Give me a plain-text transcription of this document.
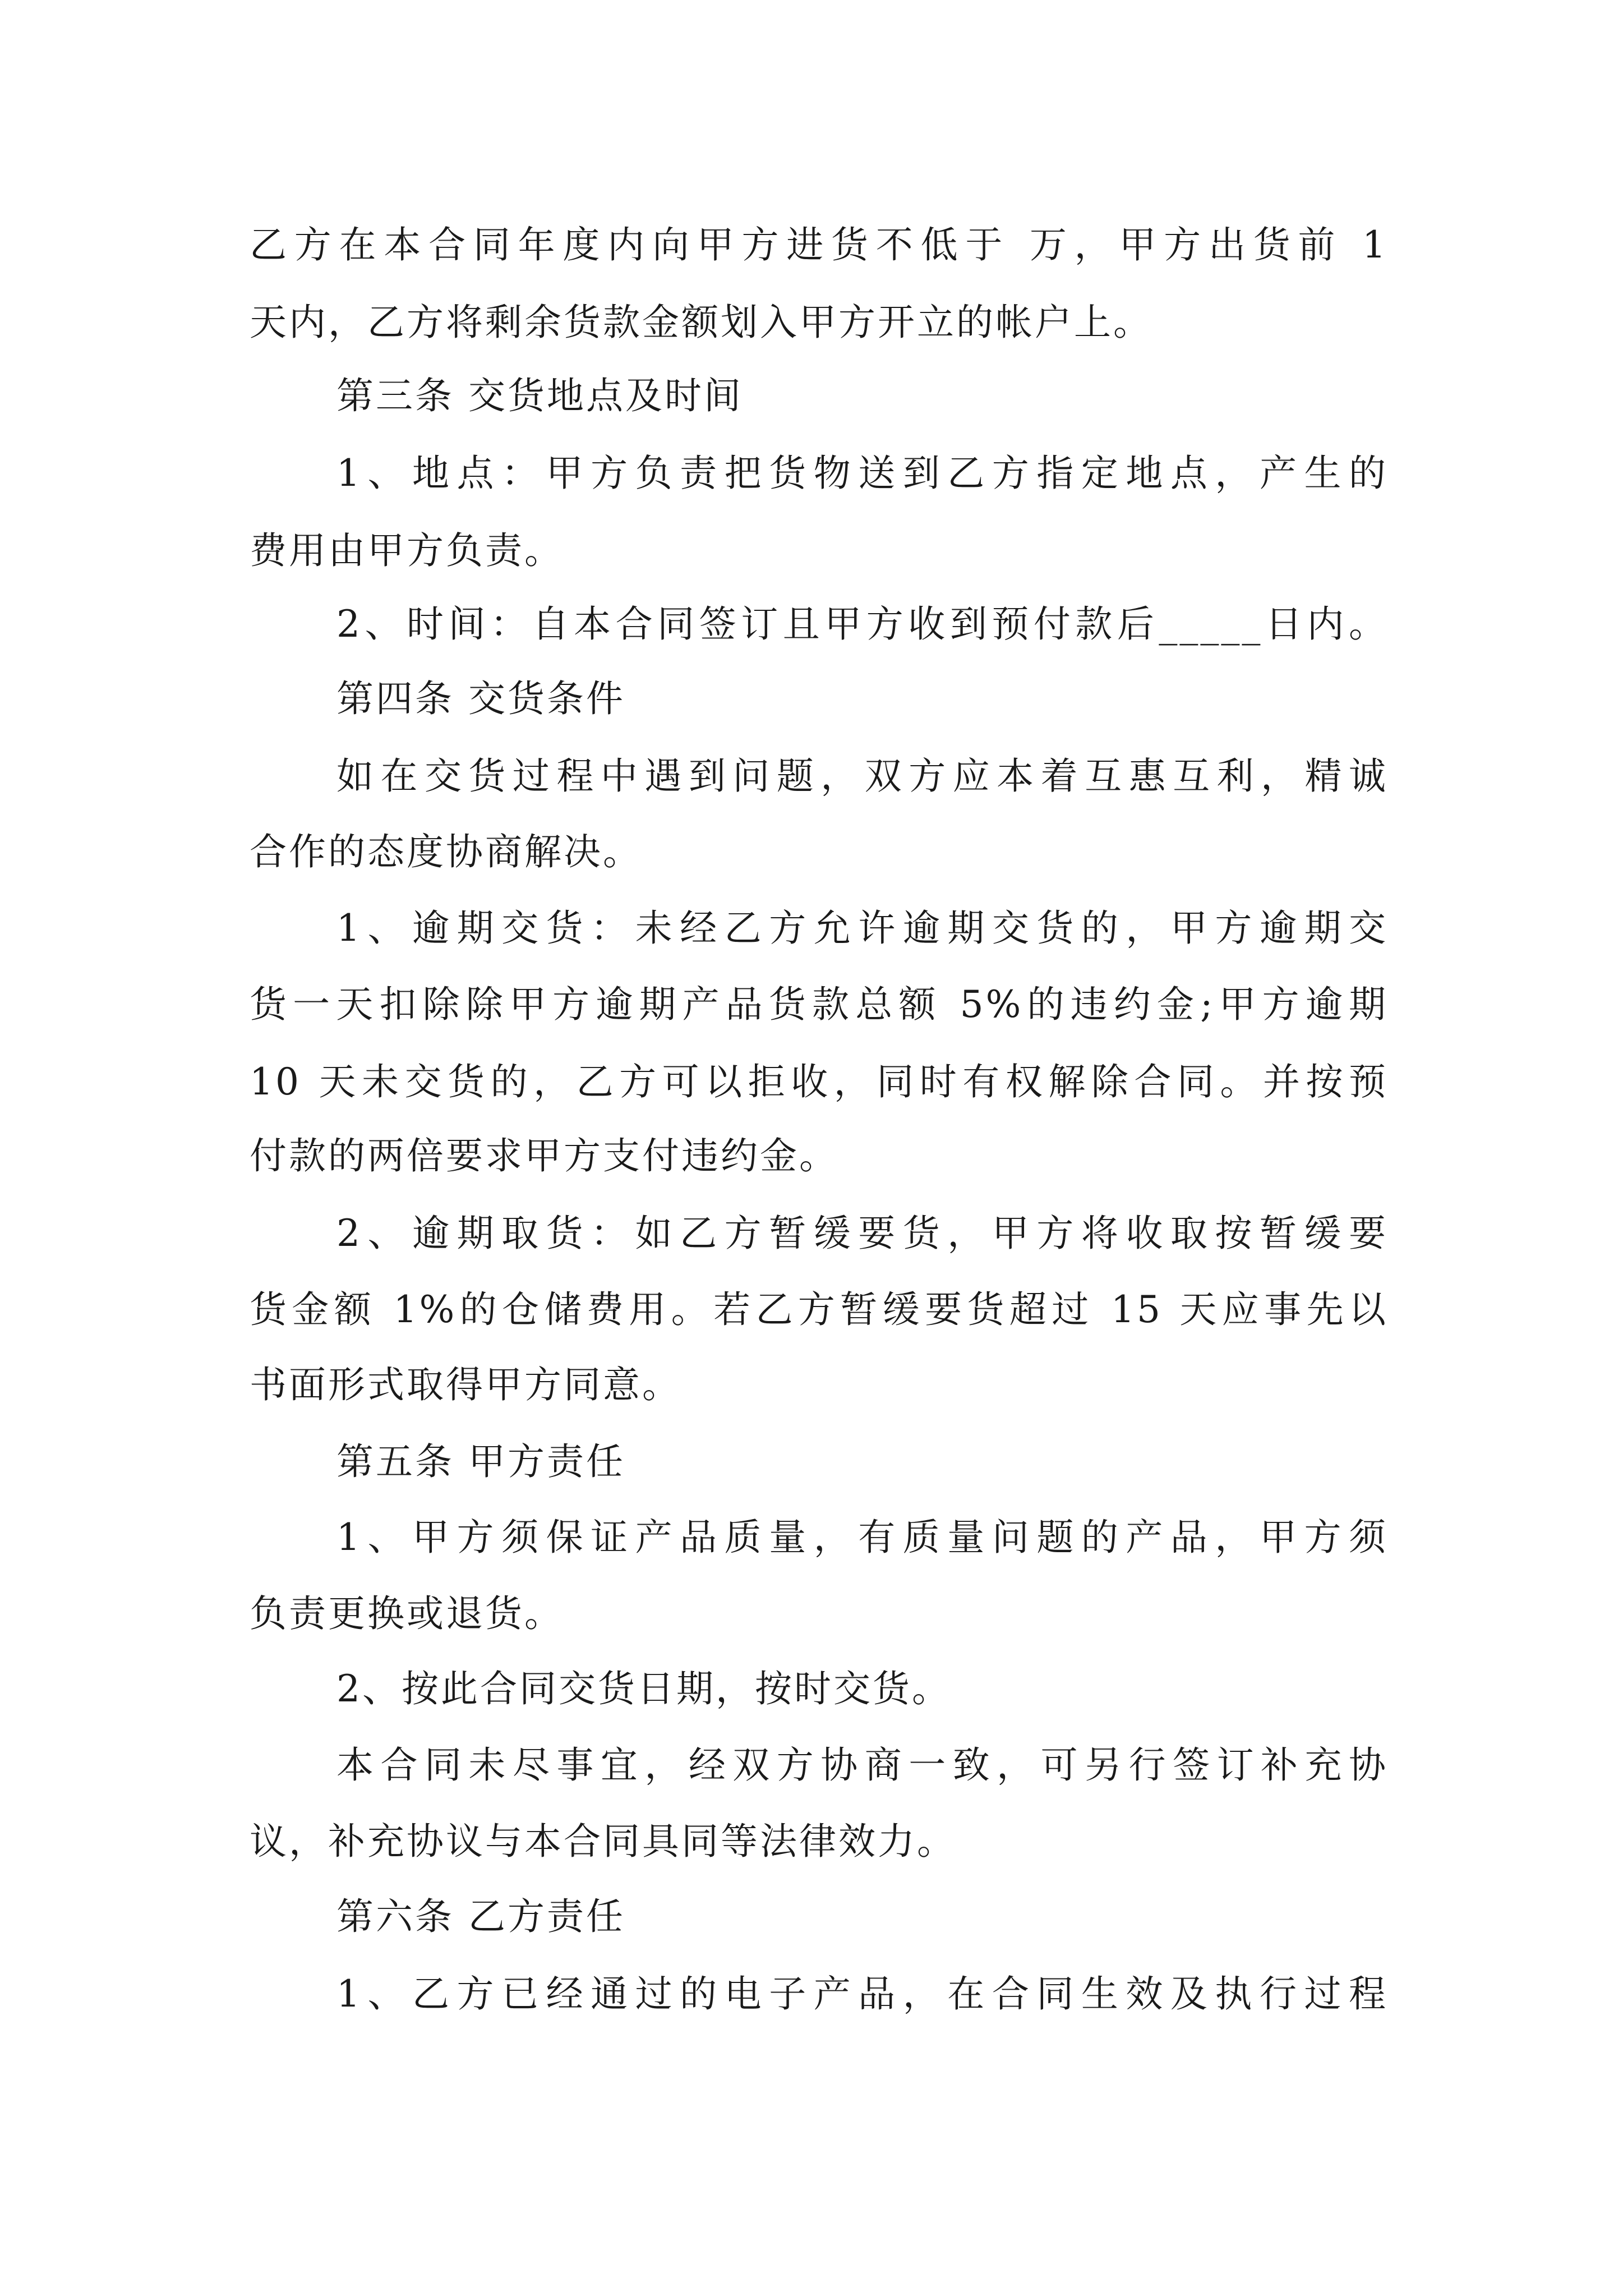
乙方在本合同年度内向甲方进货不低于 万，甲方出货前 1
天内，乙方将剩余货款金额划入甲方开立的帐户上。
第三条 交货地点及时间
1、地点：甲方负责把货物送到乙方指定地点，产生的
费用由甲方负责。
2、时间：自本合同签订且甲方收到预付款后_____日内。
第四条 交货条件
如在交货过程中遇到问题，双方应本着互惠互利，精诚
合作的态度协商解决。
1、逾期交货：未经乙方允许逾期交货的，甲方逾期交
货一天扣除除甲方逾期产品货款总额 5%的违约金;甲方逾期
10 天未交货的，乙方可以拒收，同时有权解除合同。并按预
付款的两倍要求甲方支付违约金。
2、逾期取货：如乙方暂缓要货，甲方将收取按暂缓要
货金额 1%的仓储费用。若乙方暂缓要货超过 15 天应事先以
书面形式取得甲方同意。
第五条 甲方责任
1、甲方须保证产品质量，有质量问题的产品，甲方须
负责更换或退货。
2、按此合同交货日期，按时交货。
本合同未尽事宜，经双方协商一致，可另行签订补充协
议，补充协议与本合同具同等法律效力。
第六条 乙方责任
1、乙方已经通过的电子产品，在合同生效及执行过程
